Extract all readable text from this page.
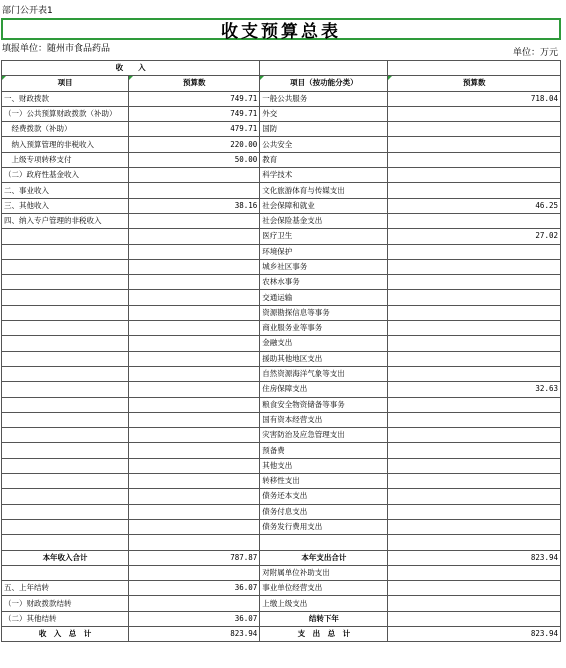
部门公开表1
收支预算总表
填报单位：随州市食品药品	单位：万元
收　　入			
项目	预算数	项目（按功能分类）	预算数
一、财政拨款	749.71	一般公共服务	718.04
（一）公共预算财政拨款（补助）	749.71	外交	
　经费拨款（补助）	479.71	国防	
　纳入预算管理的非税收入	220.00	公共安全	
　上级专项转移支付	50.00	教育	
（二）政府性基金收入		科学技术	
二、事业收入		文化旅游体育与传媒支出	
三、其他收入	38.16	社会保障和就业	46.25
四、纳入专户管理的非税收入		社会保险基金支出	
		医疗卫生	27.02
		环境保护	
		城乡社区事务	
		农林水事务	
		交通运输	
		资源勘探信息等事务	
		商业服务业等事务	
		金融支出	
		援助其他地区支出	
		自然资源海洋气象等支出	
		住房保障支出	32.63
		粮食安全物资储备等事务	
		国有资本经营支出	
		灾害防治及应急管理支出	
		预备费	
		其他支出	
		转移性支出	
		债务还本支出	
		债务付息支出	
		债务发行费用支出	

本年收入合计	787.87	本年支出合计	823.94
		对附属单位补助支出	
五、上年结转	36.07	事业单位经营支出	
（一）财政拨款结转		上缴上级支出	
（二）其他结转	36.07	结转下年	
收　入　总　计	823.94	支　出　总　计	823.94
